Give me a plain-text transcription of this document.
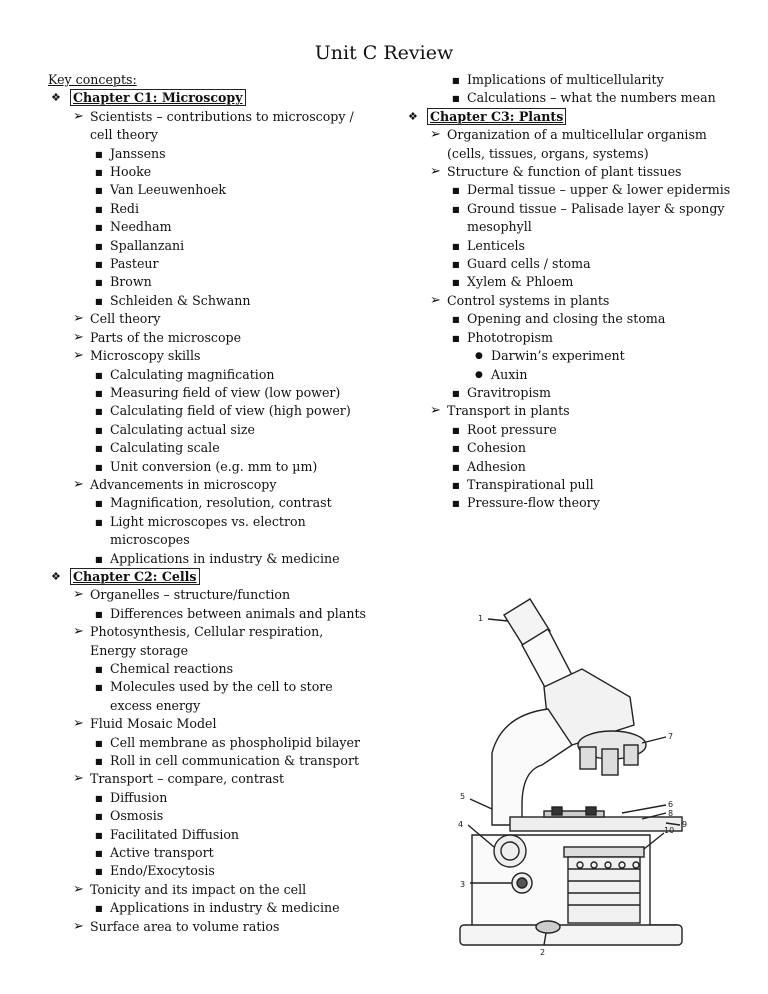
Unit C Review
Key concepts:
❖ Chapter C1: Microscopy
➢ Scientists – contributions to microscopy / cell theory
■ Janssens
■ Hooke
■ Van Leeuwenhoek
■ Redi
■ Needham
■ Spallanzani
■ Pasteur
■ Brown
■ Schleiden & Schwann
➢ Cell theory
➢ Parts of the microscope
➢ Microscopy skills
■ Calculating magnification
■ Measuring field of view (low power)
■ Calculating field of view (high power)
■ Calculating actual size
■ Calculating scale
■ Unit conversion (e.g. mm to µm)
➢ Advancements in microscopy
■ Magnification, resolution, contrast
■ Light microscopes vs. electron microscopes
■ Applications in industry & medicine
❖ Chapter C2: Cells
➢ Organelles – structure/function
■ Differences between animals and plants
➢ Photosynthesis, Cellular respiration, Energy storage
■ Chemical reactions
■ Molecules used by the cell to store excess energy
➢ Fluid Mosaic Model
■ Cell membrane as phospholipid bilayer
■ Roll in cell communication & transport
➢ Transport – compare, contrast
■ Diffusion
■ Osmosis
■ Facilitated Diffusion
■ Active transport
■ Endo/Exocytosis
➢ Tonicity and its impact on the cell
■ Applications in industry & medicine
➢ Surface area to volume ratios
■ Implications of multicellularity
■ Calculations – what the numbers mean
❖ Chapter C3: Plants
➢ Organization of a multicellular organism (cells, tissues, organs, systems)
➢ Structure & function of plant tissues
■ Dermal tissue – upper & lower epidermis
■ Ground tissue – Palisade layer & spongy mesophyll
■ Lenticels
■ Guard cells / stoma
■ Xylem & Phloem
➢ Control systems in plants
■ Opening and closing the stoma
■ Phototropism
● Darwin’s experiment
● Auxin
■ Gravitropism
➢ Transport in plants
■ Root pressure
■ Cohesion
■ Adhesion
■ Transpirational pull
■ Pressure-flow theory
1
2
3
4
5
6
7
8
9
10
